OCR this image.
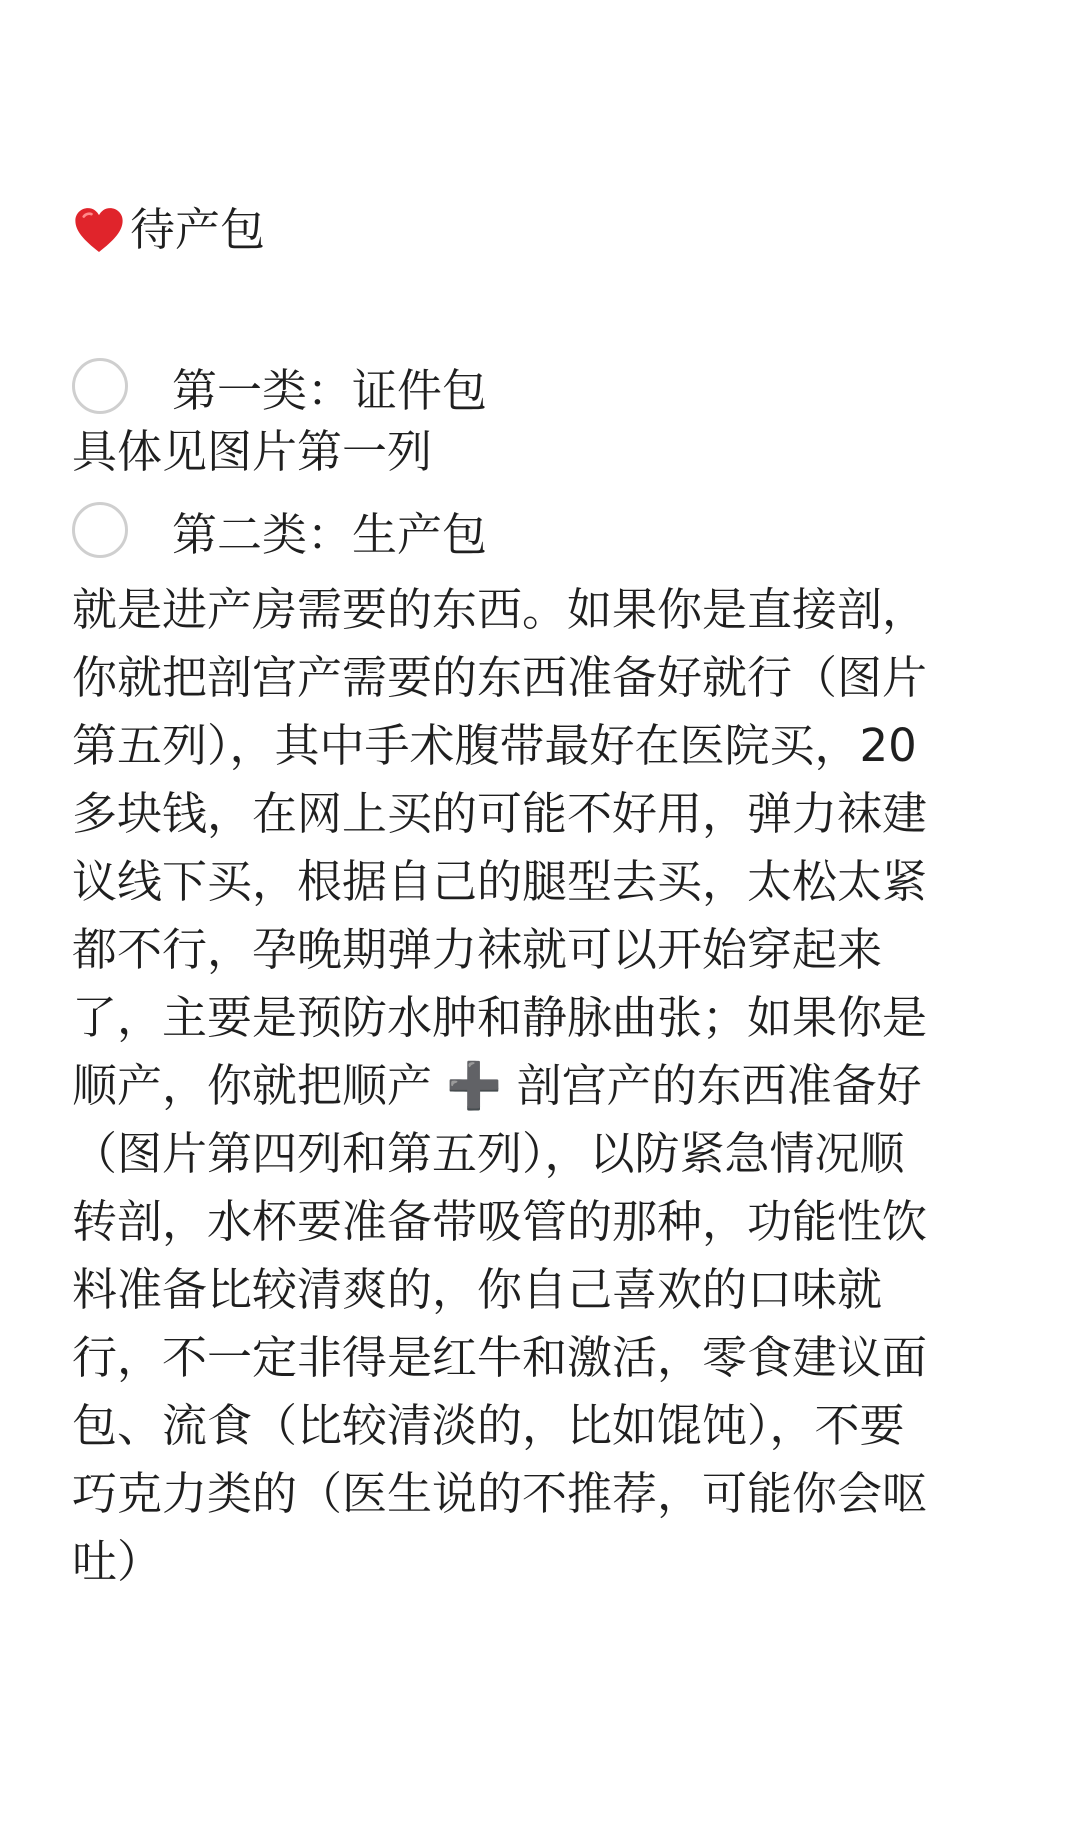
待产包
第一类：证件包
具体见图片第一列
第二类：生产包
就是进产房需要的东西。如果你是直接剖，
你就把剖宫产需要的东西准备好就行（图片
第五列），其中手术腹带最好在医院买，20
多块钱，在网上买的可能不好用，弹力袜建
议线下买，根据自己的腿型去买，太松太紧
都不行，孕晚期弹力袜就可以开始穿起来
了，主要是预防水肿和静脉曲张；如果你是
顺产，你就把顺产 ➕ 剖宫产的东西准备好
（图片第四列和第五列），以防紧急情况顺
转剖，水杯要准备带吸管的那种，功能性饮
料准备比较清爽的，你自己喜欢的口味就
行，不一定非得是红牛和激活，零食建议面
包、流食（比较清淡的，比如馄饨），不要
巧克力类的（医生说的不推荐，可能你会呕
吐）
